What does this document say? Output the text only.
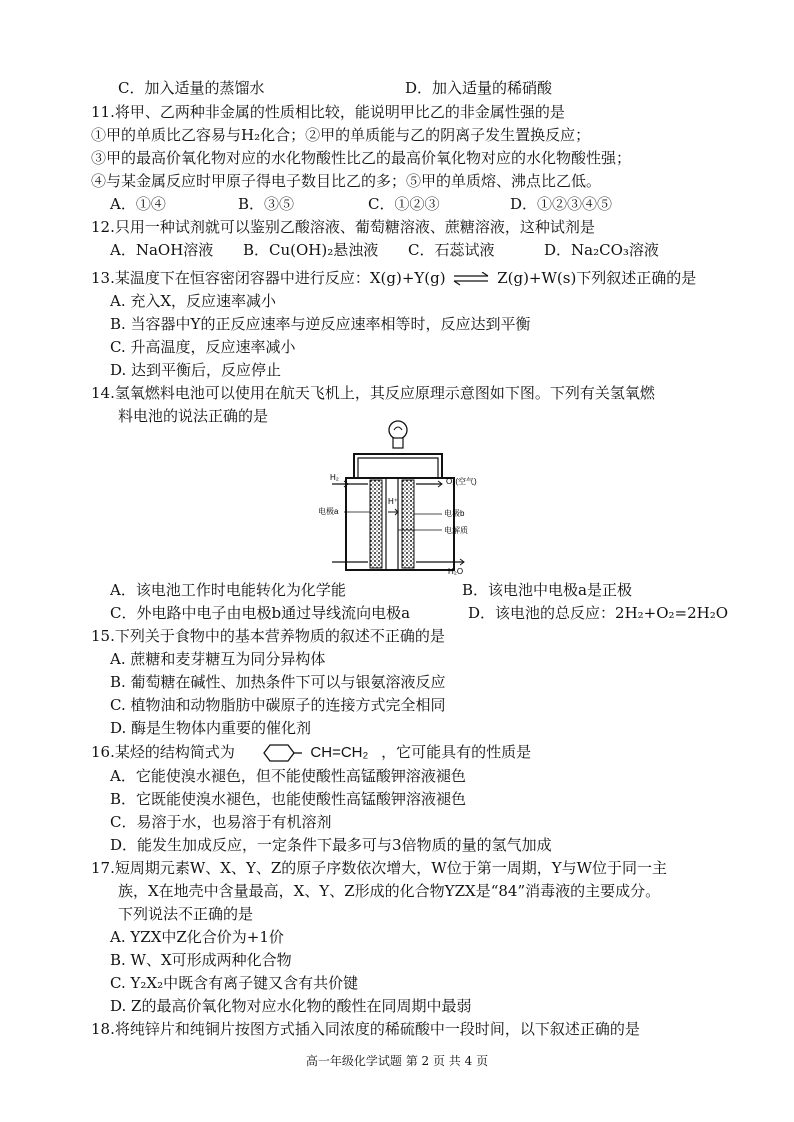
C．加入适量的蒸馏水	D．加入适量的稀硝酸
11.将甲、乙两种非金属的性质相比较，能说明甲比乙的非金属性强的是
①甲的单质比乙容易与H₂化合；②甲的单质能与乙的阴离子发生置换反应；
③甲的最高价氧化物对应的水化物酸性比乙的最高价氧化物对应的水化物酸性强；
④与某金属反应时甲原子得电子数目比乙的多；⑤甲的单质熔、沸点比乙低。
A．①④	B．③⑤	C．①②③	D．①②③④⑤
12.只用一种试剂就可以鉴别乙酸溶液、葡萄糖溶液、蔗糖溶液，这种试剂是
A．NaOH溶液 B．Cu(OH)₂悬浊液 C．石蕊试液	D．Na₂CO₃溶液
13.某温度下在恒容密闭容器中进行反应：X(g)+Y(g) ⇌ Z(g)+W(s)下列叙述正确的是
A. 充入X，反应速率减小
B. 当容器中Y的正反应速率与逆反应速率相等时，反应达到平衡
C. 升高温度，反应速率减小
D. 达到平衡后，反应停止
14.氢氧燃料电池可以使用在航天飞机上，其反应原理示意图如下图。下列有关氢氧燃
料电池的说法正确的是
H₂	O₂(空气)
H⁺
电极a	电极b
电解质
H₂O
A．该电池工作时电能转化为化学能	B．该电池中电极a是正极
C．外电路中电子由电极b通过导线流向电极a	D．该电池的总反应：2H₂+O₂=2H₂O
15.下列关于食物中的基本营养物质的叙述不正确的是
A. 蔗糖和麦芽糖互为同分异构体
B. 葡萄糖在碱性、加热条件下可以与银氨溶液反应
C. 植物油和动物脂肪中碳原子的连接方式完全相同
D. 酶是生物体内重要的催化剂
16.某烃的结构简式为	CH=CH₂ ，它可能具有的性质是
A．它能使溴水褪色，但不能使酸性高锰酸钾溶液褪色
B．它既能使溴水褪色，也能使酸性高锰酸钾溶液褪色
C．易溶于水，也易溶于有机溶剂
D．能发生加成反应，一定条件下最多可与3倍物质的量的氢气加成
17.短周期元素W、X、Y、Z的原子序数依次增大，W位于第一周期，Y与W位于同一主
族，X在地壳中含量最高，X、Y、Z形成的化合物YZX是“84”消毒液的主要成分。
下列说法不正确的是
A. YZX中Z化合价为+1价
B. W、X可形成两种化合物
C. Y₂X₂中既含有离子键又含有共价键
D. Z的最高价氧化物对应水化物的酸性在同周期中最弱
18.将纯锌片和纯铜片按图方式插入同浓度的稀硫酸中一段时间，以下叙述正确的是
高一年级化学试题 第 2 页 共 4 页
